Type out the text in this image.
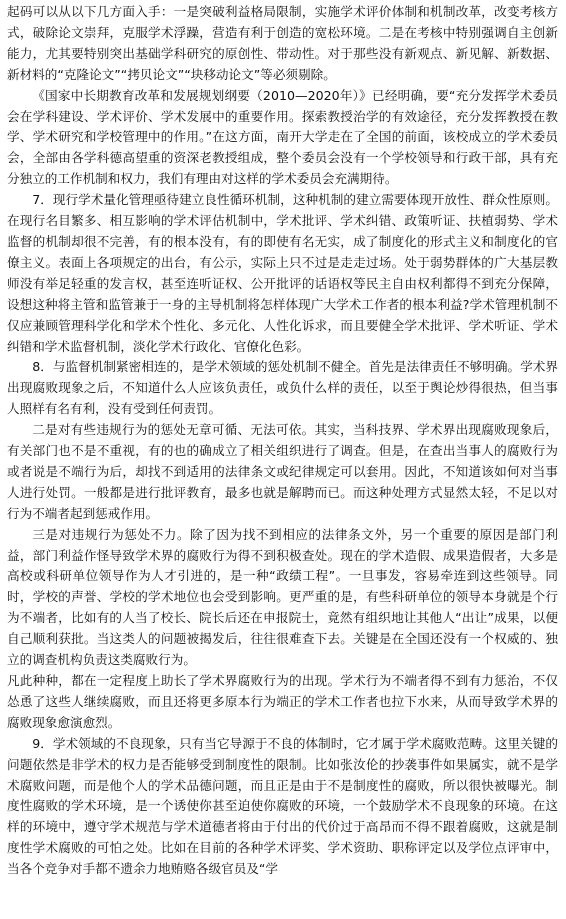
起码可以从以下几方面入手：一是突破利益格局限制，实施学术评价体制和机制改革，改变考核方式，破除论文崇拜，克服学术浮躁，营造有利于创造的宽松环境。二是在考核中特别强调自主创新能力，尤其要特别突出基础学科研究的原创性、带动性。对于那些没有新观点、新见解、新数据、新材料的“克隆论文”“拷贝论文”“块移动论文”等必须剔除。

《国家中长期教育改革和发展规划纲要（2010—2020年）》已经明确，要“充分发挥学术委员会在学科建设、学术评价、学术发展中的重要作用。探索教授治学的有效途径，充分发挥教授在教学、学术研究和学校管理中的作用。”在这方面，南开大学走在了全国的前面，该校成立的学术委员会，全部由各学科德高望重的资深老教授组成，整个委员会没有一个学校领导和行政干部，具有充分独立的工作机制和权力，我们有理由对这样的学术委员会充满期待。

7．现行学术量化管理亟待建立良性循环机制，这种机制的建立需要体现开放性、群众性原则。在现行名目繁多、相互影响的学术评估机制中，学术批评、学术纠错、政策听证、扶植弱势、学术监督的机制却很不完善，有的根本没有，有的即使有名无实，成了制度化的形式主义和制度化的官僚主义。表面上各项规定的出台，有公示，实际上只不过是走走过场。处于弱势群体的广大基层教师没有举足轻重的发言权，甚至连听证权、公开批评的话语权等民主自由权利都得不到充分保障，设想这种将主管和监管兼于一身的主导机制将怎样体现广大学术工作者的根本利益?学术管理机制不仅应兼顾管理科学化和学术个性化、多元化、人性化诉求，而且要健全学术批评、学术听证、学术纠错和学术监督机制，淡化学术行政化、官僚化色彩。

8．与监督机制紧密相连的，是学术领域的惩处机制不健全。首先是法律责任不够明确。学术界出现腐败现象之后，不知道什么人应该负责任，或负什么样的责任，以至于舆论炒得很热，但当事人照样有名有利，没有受到任何责罚。

二是对有些违规行为的惩处无章可循、无法可依。其实，当科技界、学术界出现腐败现象后，有关部门也不是不重视，有的也的确成立了相关组织进行了调查。但是，在查出当事人的腐败行为或者说是不端行为后，却找不到适用的法律条文或纪律规定可以套用。因此，不知道该如何对当事人进行处罚。一般都是进行批评教育，最多也就是解聘而已。而这种处理方式显然太轻，不足以对行为不端者起到惩戒作用。

三是对违规行为惩处不力。除了因为找不到相应的法律条文外，另一个重要的原因是部门利益，部门利益作怪导致学术界的腐败行为得不到积极查处。现在的学术造假、成果造假者，大多是高校或科研单位领导作为人才引进的，是一种“政绩工程”。一旦事发，容易牵连到这些领导。同时，学校的声誉、学校的学术地位也会受到影响。更严重的是，有些科研单位的领导本身就是个行为不端者，比如有的人当了校长、院长后还在申报院士，竟然有组织地让其他人“出让”成果，以便自己顺利获批。当这类人的问题被揭发后，往往很难查下去。关键是在全国还没有一个权威的、独立的调查机构负责这类腐败行为。

凡此种种，都在一定程度上助长了学术界腐败行为的出现。学术行为不端者得不到有力惩治，不仅怂恿了这些人继续腐败，而且还将更多原本行为端正的学术工作者也拉下水来，从而导致学术界的腐败现象愈演愈烈。

9．学术领域的不良现象，只有当它导源于不良的体制时，它才属于学术腐败范畴。这里关键的问题依然是非学术的权力是否能够受到制度性的限制。比如张汝伦的抄袭事件如果属实，就不是学术腐败问题，而是他个人的学术品德问题，而且正是由于不是制度性的腐败，所以很快被曝光。制度性腐败的学术环境，是一个诱使你甚至迫使你腐败的环境，一个鼓励学术不良现象的环境。在这样的环境中，遵守学术规范与学术道德者将由于付出的代价过于高昂而不得不跟着腐败，这就是制度性学术腐败的可怕之处。比如在目前的各种学术评奖、学术资助、职称评定以及学位点评审中，当各个竞争对手都不遗余力地贿赂各级官员及“学
